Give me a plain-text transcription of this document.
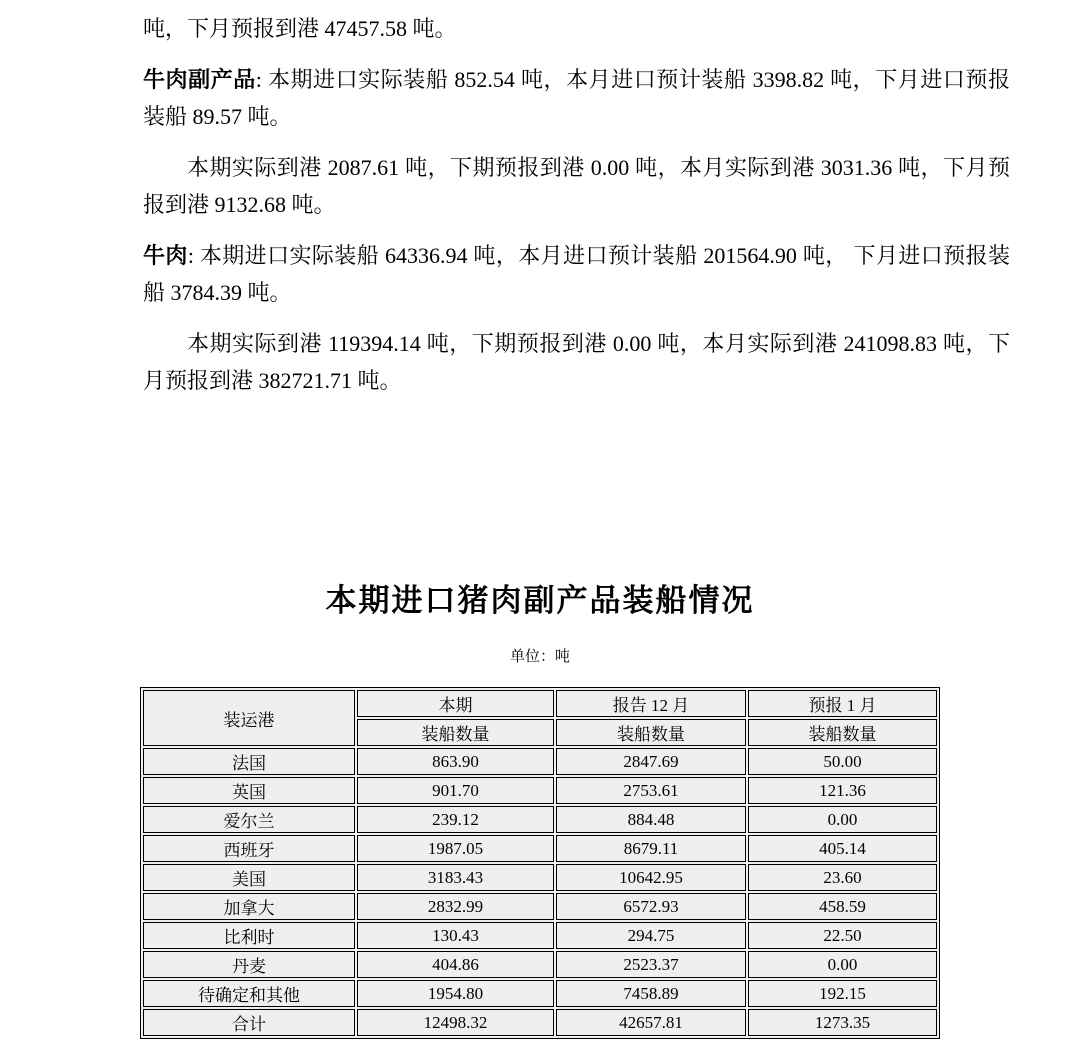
吨，下月预报到港 47457.58 吨。

牛肉副产品: 本期进口实际装船 852.54 吨，本月进口预计装船 3398.82 吨，下月进口预报装船 89.57 吨。

本期实际到港 2087.61 吨，下期预报到港 0.00 吨，本月实际到港 3031.36 吨，下月预报到港 9132.68 吨。

牛肉: 本期进口实际装船 64336.94 吨，本月进口预计装船 201564.90 吨， 下月进口预报装船 3784.39 吨。

本期实际到港 119394.14 吨，下期预报到港 0.00 吨，本月实际到港 241098.83 吨，下月预报到港 382721.71 吨。

本期进口猪肉副产品装船情况
单位：吨
装运港	本期	报告 12 月	预报 1 月
	装船数量	装船数量	装船数量
法国	863.90	2847.69	50.00
英国	901.70	2753.61	121.36
爱尔兰	239.12	884.48	0.00
西班牙	1987.05	8679.11	405.14
美国	3183.43	10642.95	23.60
加拿大	2832.99	6572.93	458.59
比利时	130.43	294.75	22.50
丹麦	404.86	2523.37	0.00
待确定和其他	1954.80	7458.89	192.15
合计	12498.32	42657.81	1273.35
